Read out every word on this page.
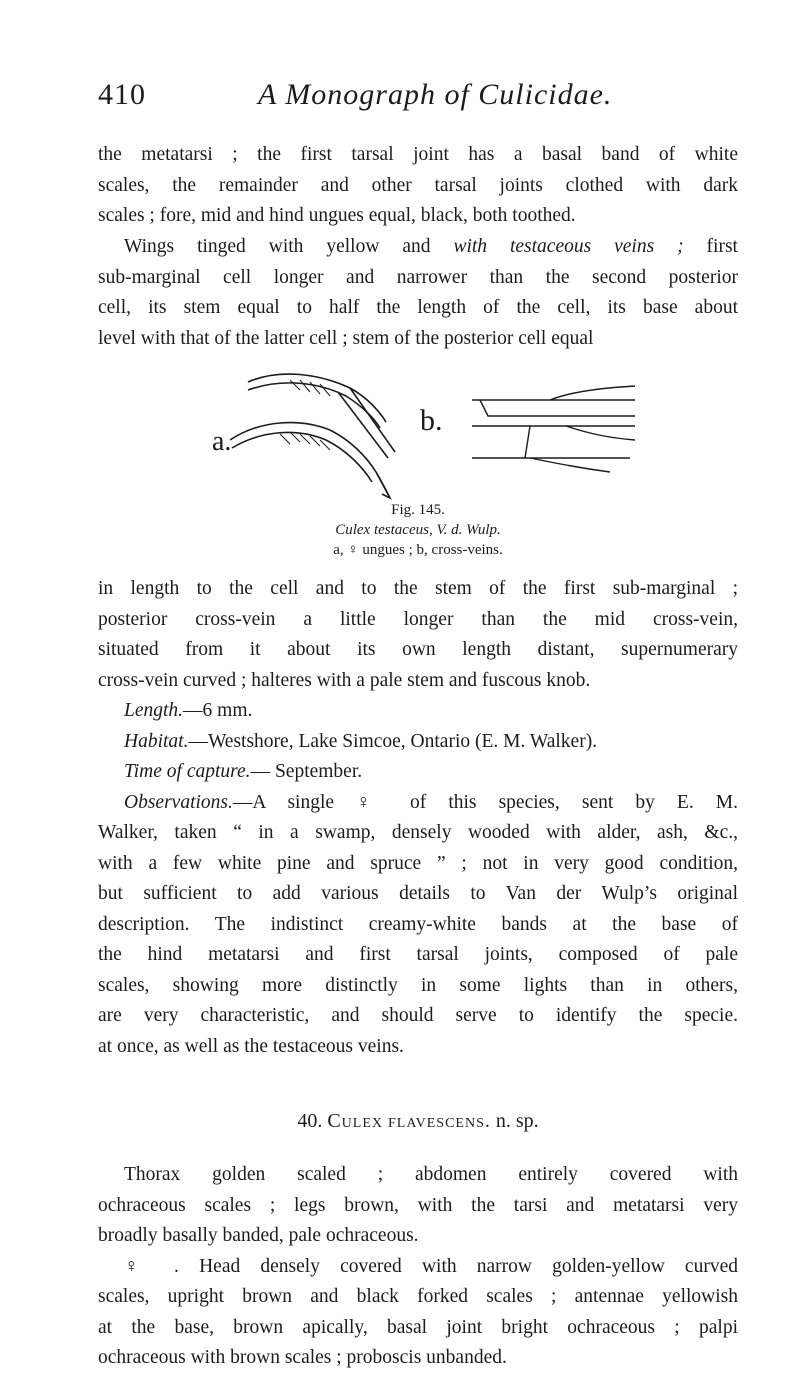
410	A Monograph of Culicidae.
the metatarsi ; the first tarsal joint has a basal band of white
scales, the remainder and other tarsal joints clothed with dark
scales ; fore, mid and hind ungues equal, black, both toothed.
Wings tinged with yellow and with testaceous veins ; first
sub-marginal cell longer and narrower than the second posterior
cell, its stem equal to half the length of the cell, its base about
level with that of the latter cell ; stem of the posterior cell equal
a.
b.
Fig. 145.
Culex testaceus, V. d. Wulp.
a, ♀ ungues ; b, cross-veins.
in length to the cell and to the stem of the first sub-marginal ;
posterior cross-vein a little longer than the mid cross-vein,
situated from it about its own length distant, supernumerary
cross-vein curved ; halteres with a pale stem and fuscous knob.
Length.—6 mm.
Habitat.—Westshore, Lake Simcoe, Ontario (E. M. Walker).
Time of capture.— September.
Observations.—A single ♀ of this species, sent by E. M.
Walker, taken “ in a swamp, densely wooded with alder, ash, &c.,
with a few white pine and spruce ” ; not in very good condition,
but sufficient to add various details to Van der Wulp’s original
description. The indistinct creamy-white bands at the base of
the hind metatarsi and first tarsal joints, composed of pale
scales, showing more distinctly in some lights than in others,
are very characteristic, and should serve to identify the specie.
at once, as well as the testaceous veins.
40. Culex flavescens. n. sp.
Thorax golden scaled ; abdomen entirely covered with
ochraceous scales ; legs brown, with the tarsi and metatarsi very
broadly basally banded, pale ochraceous.
♀ . Head densely covered with narrow golden-yellow curved
scales, upright brown and black forked scales ; antennae yellowish
at the base, brown apically, basal joint bright ochraceous ; palpi
ochraceous with brown scales ; proboscis unbanded.
